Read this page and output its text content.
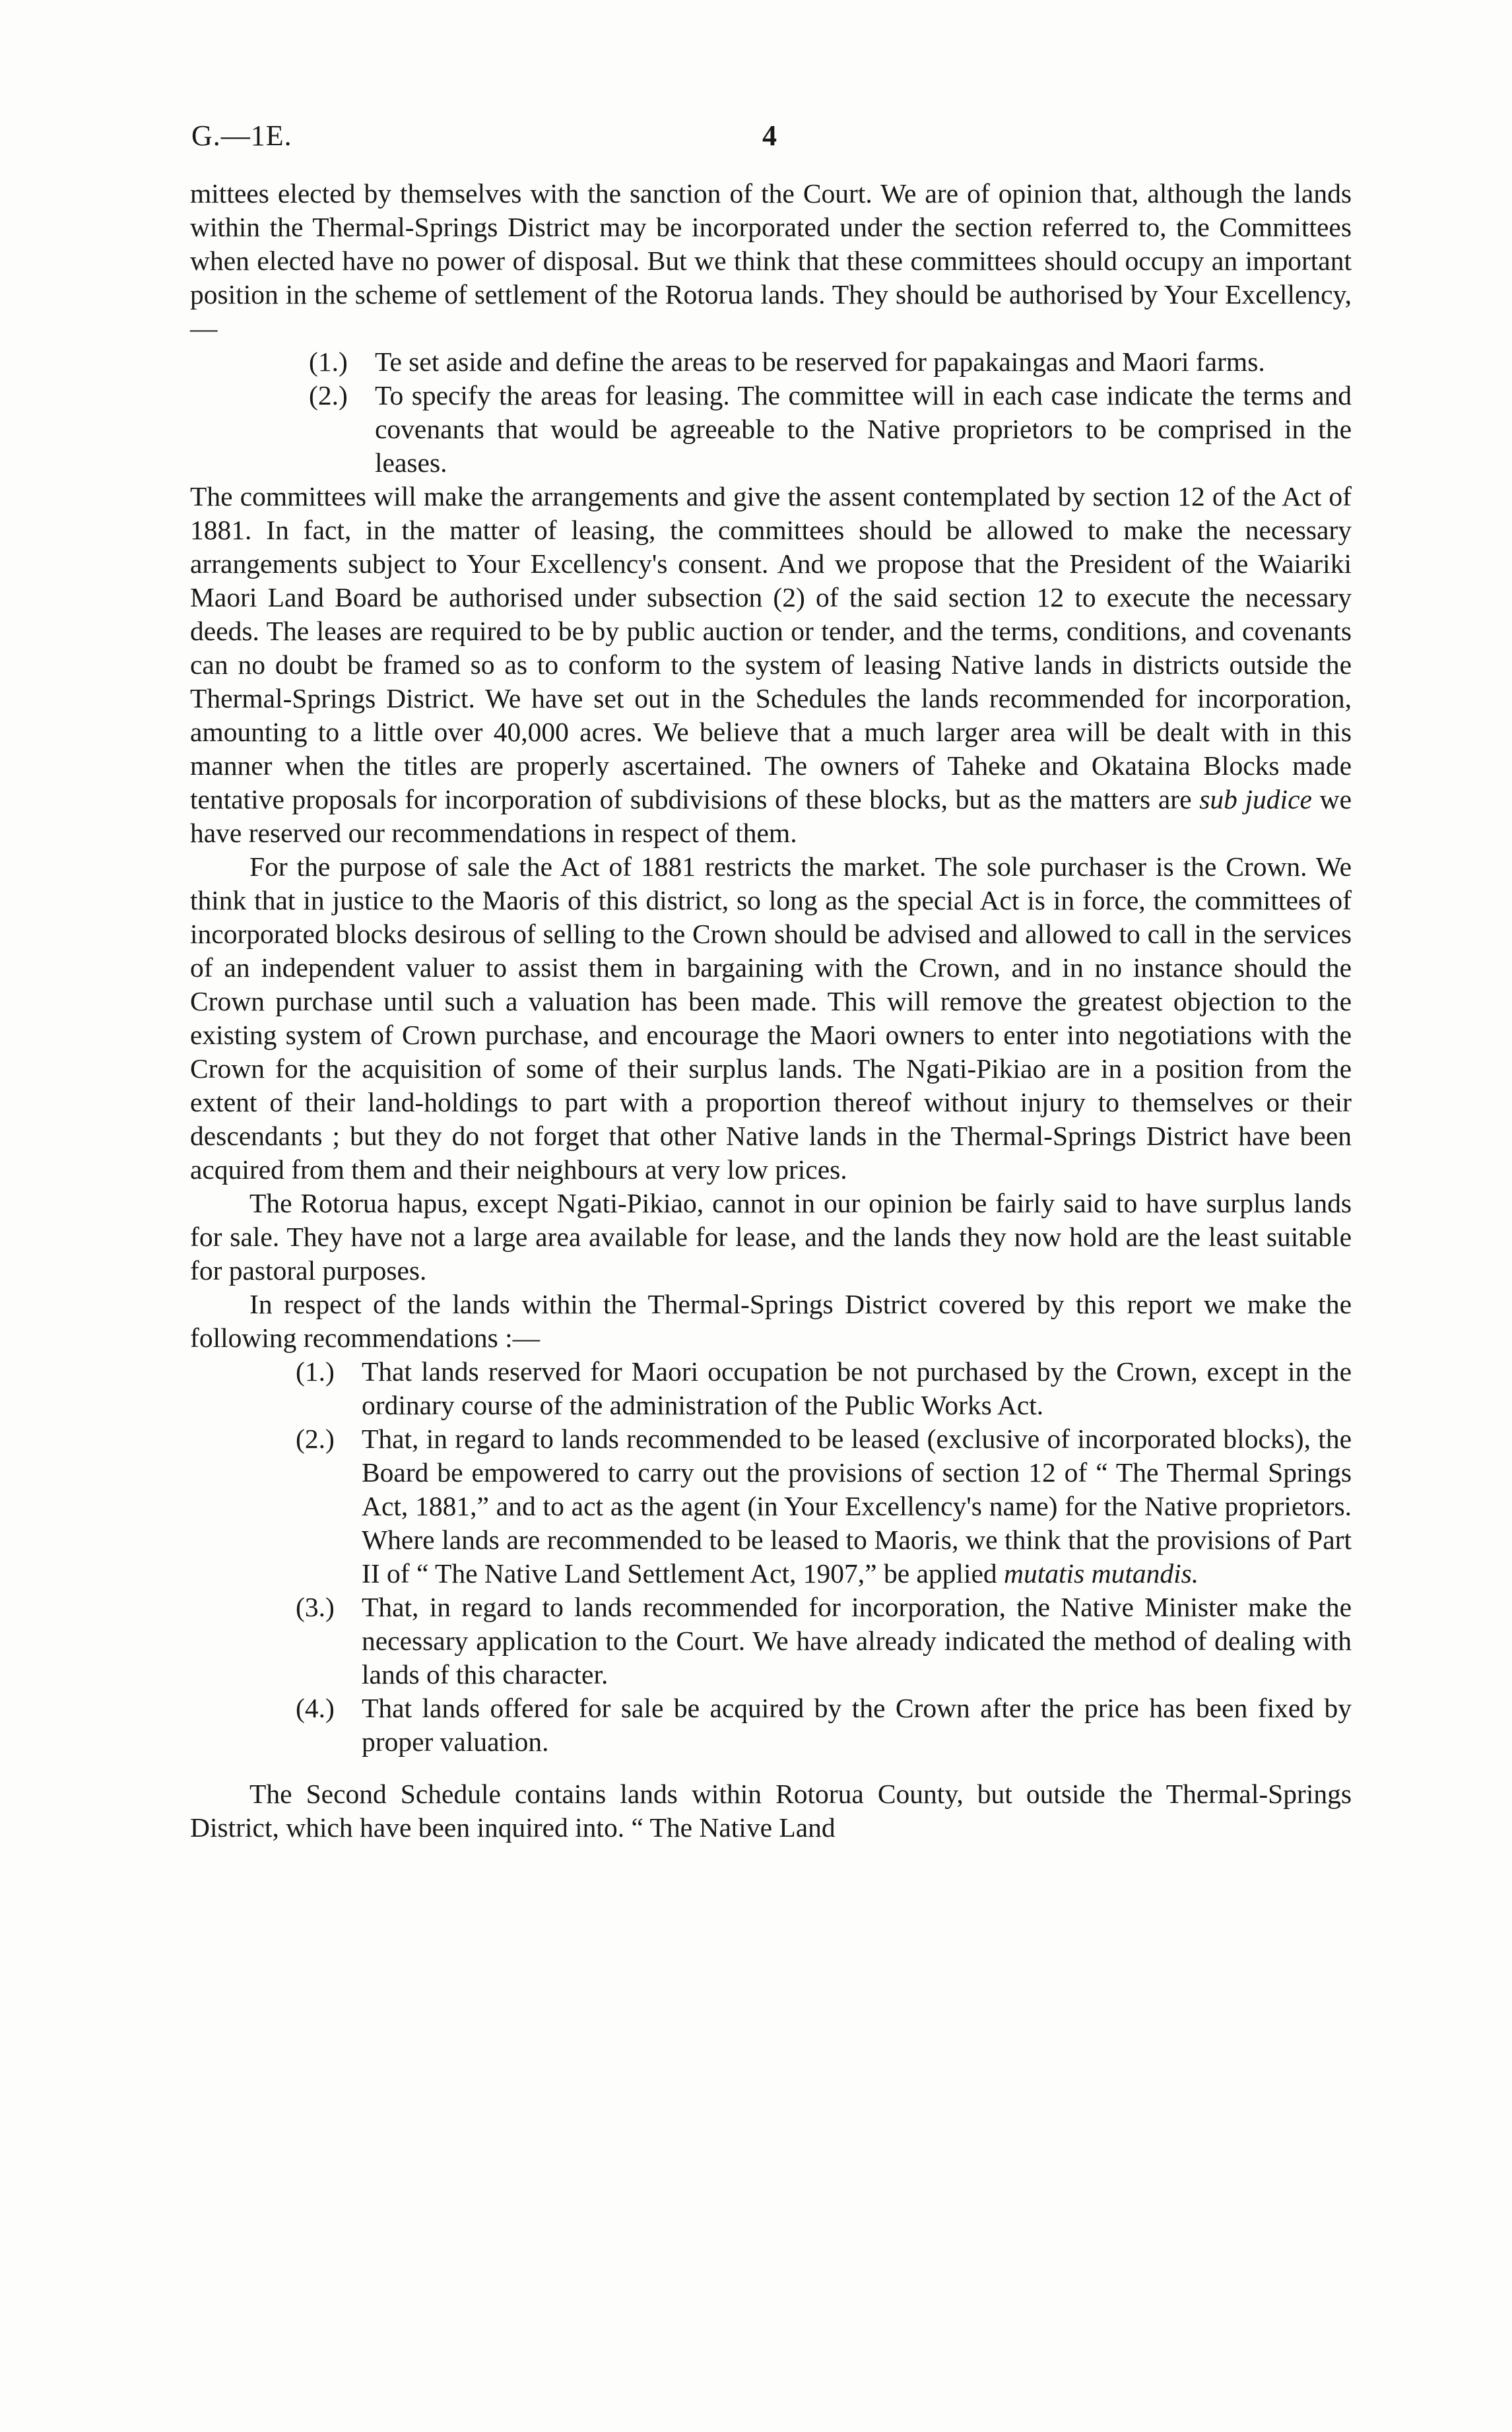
G.—1E.	4

mittees elected by themselves with the sanction of the Court. We are of opinion that, although the lands within the Thermal-Springs District may be incorporated under the section referred to, the Committees when elected have no power of disposal. But we think that these committees should occupy an important position in the scheme of settlement of the Rotorua lands. They should be authorised by Your Excellency,—

(1.) Te set aside and define the areas to be reserved for papakaingas and Maori farms.
(2.) To specify the areas for leasing. The committee will in each case indicate the terms and covenants that would be agreeable to the Native proprietors to be comprised in the leases.

The committees will make the arrangements and give the assent contemplated by section 12 of the Act of 1881. In fact, in the matter of leasing, the committees should be allowed to make the necessary arrangements subject to Your Excellency's consent. And we propose that the President of the Waiariki Maori Land Board be authorised under subsection (2) of the said section 12 to execute the necessary deeds. The leases are required to be by public auction or tender, and the terms, conditions, and covenants can no doubt be framed so as to conform to the system of leasing Native lands in districts outside the Thermal-Springs District. We have set out in the Schedules the lands recommended for incorporation, amounting to a little over 40,000 acres. We believe that a much larger area will be dealt with in this manner when the titles are properly ascertained. The owners of Taheke and Okataina Blocks made tentative proposals for incorporation of subdivisions of these blocks, but as the matters are sub judice we have reserved our recommendations in respect of them.

For the purpose of sale the Act of 1881 restricts the market. The sole purchaser is the Crown. We think that in justice to the Maoris of this district, so long as the special Act is in force, the committees of incorporated blocks desirous of selling to the Crown should be advised and allowed to call in the services of an independent valuer to assist them in bargaining with the Crown, and in no instance should the Crown purchase until such a valuation has been made. This will remove the greatest objection to the existing system of Crown purchase, and encourage the Maori owners to enter into negotiations with the Crown for the acquisition of some of their surplus lands. The Ngati-Pikiao are in a position from the extent of their land-holdings to part with a proportion thereof without injury to themselves or their descendants ; but they do not forget that other Native lands in the Thermal-Springs District have been acquired from them and their neighbours at very low prices.

The Rotorua hapus, except Ngati-Pikiao, cannot in our opinion be fairly said to have surplus lands for sale. They have not a large area available for lease, and the lands they now hold are the least suitable for pastoral purposes.

In respect of the lands within the Thermal-Springs District covered by this report we make the following recommendations :—

(1.) That lands reserved for Maori occupation be not purchased by the Crown, except in the ordinary course of the administration of the Public Works Act.
(2.) That, in regard to lands recommended to be leased (exclusive of incorporated blocks), the Board be empowered to carry out the provisions of section 12 of “ The Thermal Springs Act, 1881,” and to act as the agent (in Your Excellency's name) for the Native proprietors. Where lands are recommended to be leased to Maoris, we think that the provisions of Part II of “ The Native Land Settlement Act, 1907,” be applied mutatis mutandis.
(3.) That, in regard to lands recommended for incorporation, the Native Minister make the necessary application to the Court. We have already indicated the method of dealing with lands of this character.
(4.) That lands offered for sale be acquired by the Crown after the price has been fixed by proper valuation.

The Second Schedule contains lands within Rotorua County, but outside the Thermal-Springs District, which have been inquired into. “ The Native Land
